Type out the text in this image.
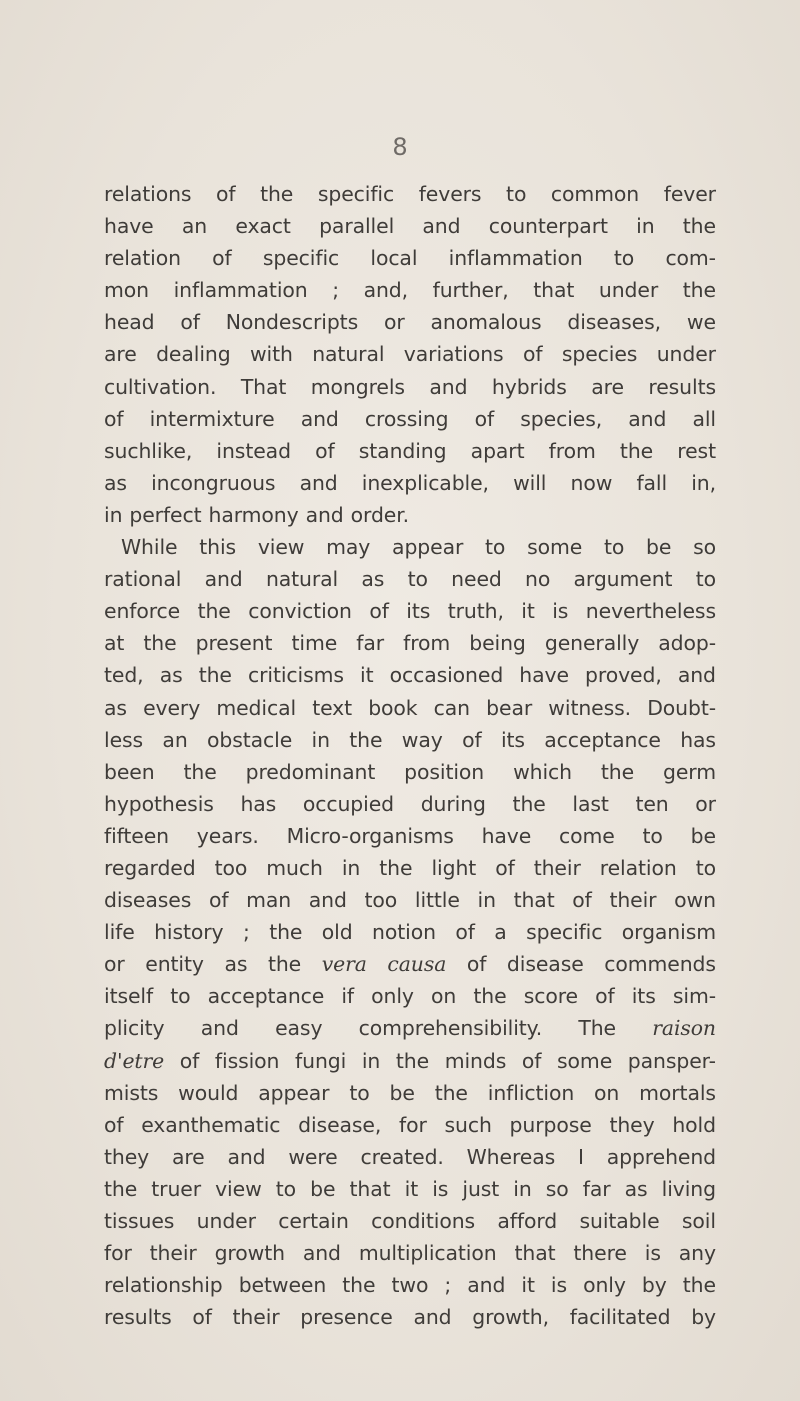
8
relations of the specific fevers to common fever
have an exact parallel and counterpart in the
relation of specific local inflammation to com-
mon inflammation ; and, further, that under the
head of Nondescripts or anomalous diseases, we
are dealing with natural variations of species under
cultivation. That mongrels and hybrids are results
of intermixture and crossing of species, and all
suchlike, instead of standing apart from the rest
as incongruous and inexplicable, will now fall in,
in perfect harmony and order.
While this view may appear to some to be so
rational and natural as to need no argument to
enforce the conviction of its truth, it is nevertheless
at the present time far from being generally adop-
ted, as the criticisms it occasioned have proved, and
as every medical text book can bear witness. Doubt-
less an obstacle in the way of its acceptance has
been the predominant position which the germ
hypothesis has occupied during the last ten or
fifteen years. Micro-organisms have come to be
regarded too much in the light of their relation to
diseases of man and too little in that of their own
life history ; the old notion of a specific organism
or entity as the vera causa of disease commends
itself to acceptance if only on the score of its sim-
plicity and easy comprehensibility. The raison
d'etre of fission fungi in the minds of some pansper-
mists would appear to be the infliction on mortals
of exanthematic disease, for such purpose they hold
they are and were created. Whereas I apprehend
the truer view to be that it is just in so far as living
tissues under certain conditions afford suitable soil
for their growth and multiplication that there is any
relationship between the two ; and it is only by the
results of their presence and growth, facilitated by
